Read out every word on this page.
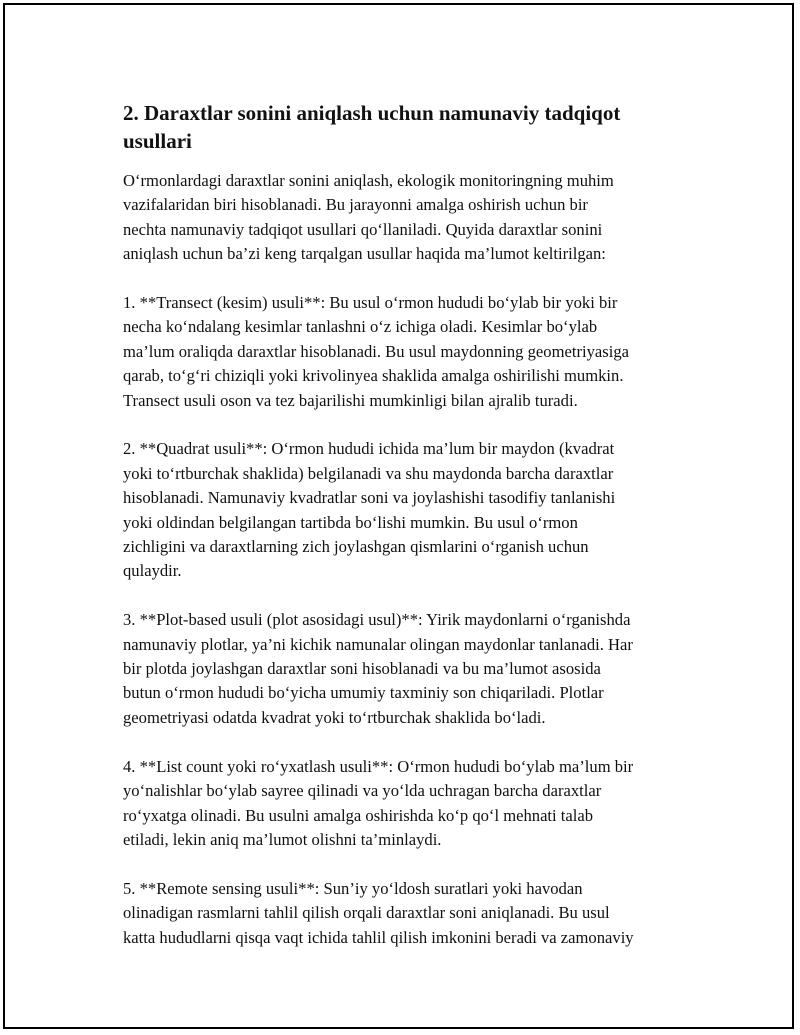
2. Daraxtlar sonini aniqlash uchun namunaviy tadqiqot
usullari

O‘rmonlardagi daraxtlar sonini aniqlash, ekologik monitoringning muhim
vazifalaridan biri hisoblanadi. Bu jarayonni amalga oshirish uchun bir
nechta namunaviy tadqiqot usullari qo‘llaniladi. Quyida daraxtlar sonini
aniqlash uchun ba’zi keng tarqalgan usullar haqida ma’lumot keltirilgan:

1. **Transect (kesim) usuli**: Bu usul o‘rmon hududi bo‘ylab bir yoki bir
necha ko‘ndalang kesimlar tanlashni o‘z ichiga oladi. Kesimlar bo‘ylab
ma’lum oraliqda daraxtlar hisoblanadi. Bu usul maydonning geometriyasiga
qarab, to‘g‘ri chiziqli yoki krivolinyea shaklida amalga oshirilishi mumkin.
Transect usuli oson va tez bajarilishi mumkinligi bilan ajralib turadi.

2. **Quadrat usuli**: O‘rmon hududi ichida ma’lum bir maydon (kvadrat
yoki to‘rtburchak shaklida) belgilanadi va shu maydonda barcha daraxtlar
hisoblanadi. Namunaviy kvadratlar soni va joylashishi tasodifiy tanlanishi
yoki oldindan belgilangan tartibda bo‘lishi mumkin. Bu usul o‘rmon
zichligini va daraxtlarning zich joylashgan qismlarini o‘rganish uchun
qulaydir.

3. **Plot-based usuli (plot asosidagi usul)**: Yirik maydonlarni o‘rganishda
namunaviy plotlar, ya’ni kichik namunalar olingan maydonlar tanlanadi. Har
bir plotda joylashgan daraxtlar soni hisoblanadi va bu ma’lumot asosida
butun o‘rmon hududi bo‘yicha umumiy taxminiy son chiqariladi. Plotlar
geometriyasi odatda kvadrat yoki to‘rtburchak shaklida bo‘ladi.

4. **List count yoki ro‘yxatlash usuli**: O‘rmon hududi bo‘ylab ma’lum bir
yo‘nalishlar bo‘ylab sayree qilinadi va yo‘lda uchragan barcha daraxtlar
ro‘yxatga olinadi. Bu usulni amalga oshirishda ko‘p qo‘l mehnati talab
etiladi, lekin aniq ma’lumot olishni ta’minlaydi.

5. **Remote sensing usuli**: Sun’iy yo‘ldosh suratlari yoki havodan
olinadigan rasmlarni tahlil qilish orqali daraxtlar soni aniqlanadi. Bu usul
katta hududlarni qisqa vaqt ichida tahlil qilish imkonini beradi va zamonaviy
